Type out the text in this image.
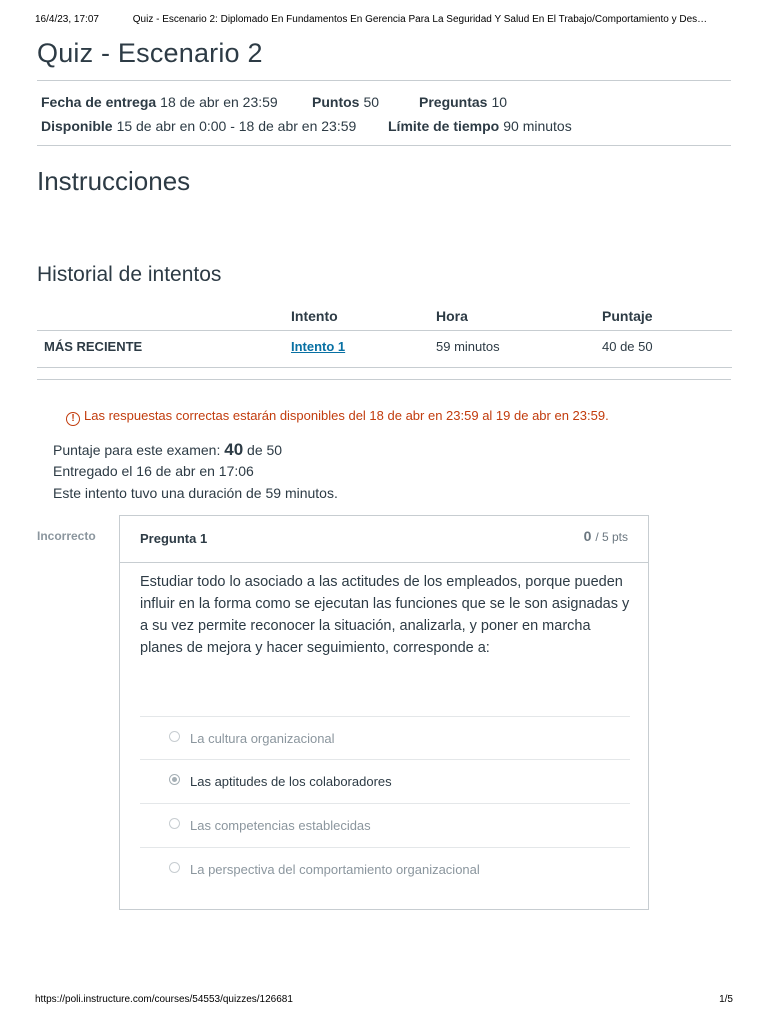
16/4/23, 17:07	Quiz - Escenario 2: Diplomado En Fundamentos En Gerencia Para La Seguridad Y Salud En El Trabajo/Comportamiento y Des…
Quiz - Escenario 2
Fecha de entrega 18 de abr en 23:59 Puntos 50	Preguntas 10
Disponible 15 de abr en 0:00 - 18 de abr en 23:59 Límite de tiempo 90 minutos
Instrucciones
Historial de intentos
	Intento	Hora	Puntaje
MÁS RECIENTE	Intento 1	59 minutos	40 de 50
! Las respuestas correctas estarán disponibles del 18 de abr en 23:59 al 19 de abr en 23:59.
Puntaje para este examen: 40 de 50
Entregado el 16 de abr en 17:06
Este intento tuvo una duración de 59 minutos.
Incorrecto	Pregunta 1	0 / 5 pts

Estudiar todo lo asociado a las actitudes de los empleados, porque pueden influir en la forma como se ejecutan las funciones que se le son asignadas y a su vez permite reconocer la situación, analizarla, y poner en marcha planes de mejora y hacer seguimiento, corresponde a:

La cultura organizacional
Las aptitudes de los colaboradores
Las competencias establecidas
La perspectiva del comportamiento organizacional
https://poli.instructure.com/courses/54553/quizzes/126681	1/5
